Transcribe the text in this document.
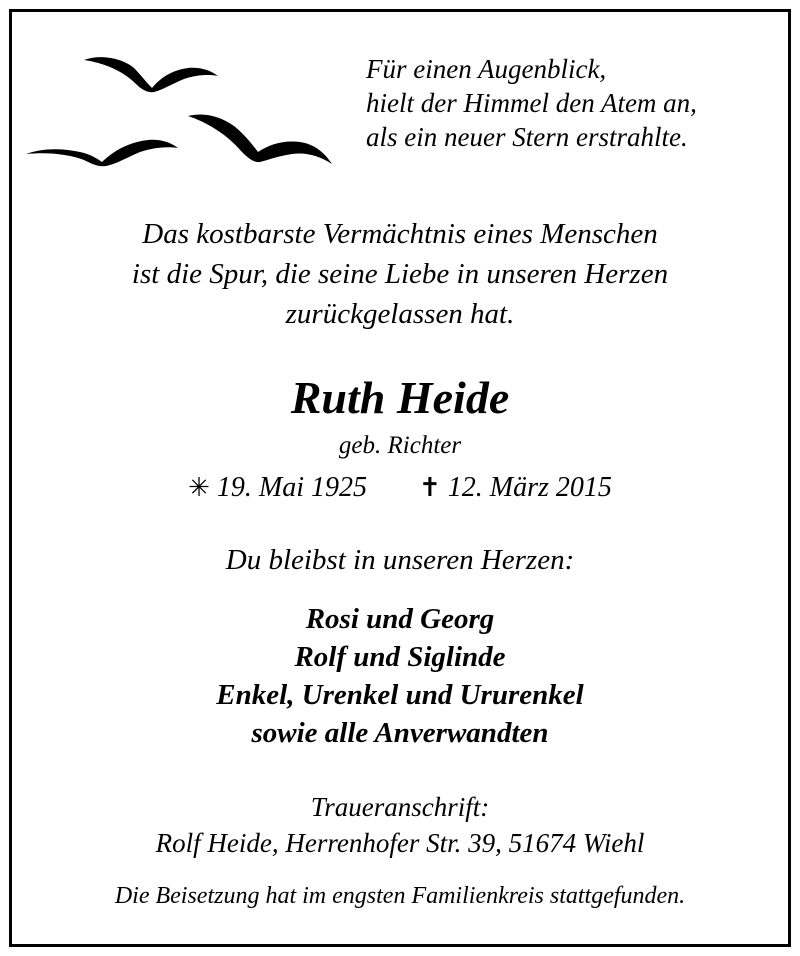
Für einen Augenblick,
hielt der Himmel den Atem an,
als ein neuer Stern erstrahlte.
Das kostbarste Vermächtnis eines Menschen
ist die Spur, die seine Liebe in unseren Herzen
zurückgelassen hat.
Ruth Heide
geb. Richter
✳ 19. Mai 1925 ✝ 12. März 2015
Du bleibst in unseren Herzen:
Rosi und Georg
Rolf und Siglinde
Enkel, Urenkel und Ururenkel
sowie alle Anverwandten
Traueranschrift:
Rolf Heide, Herrenhofer Str. 39, 51674 Wiehl
Die Beisetzung hat im engsten Familienkreis stattgefunden.
